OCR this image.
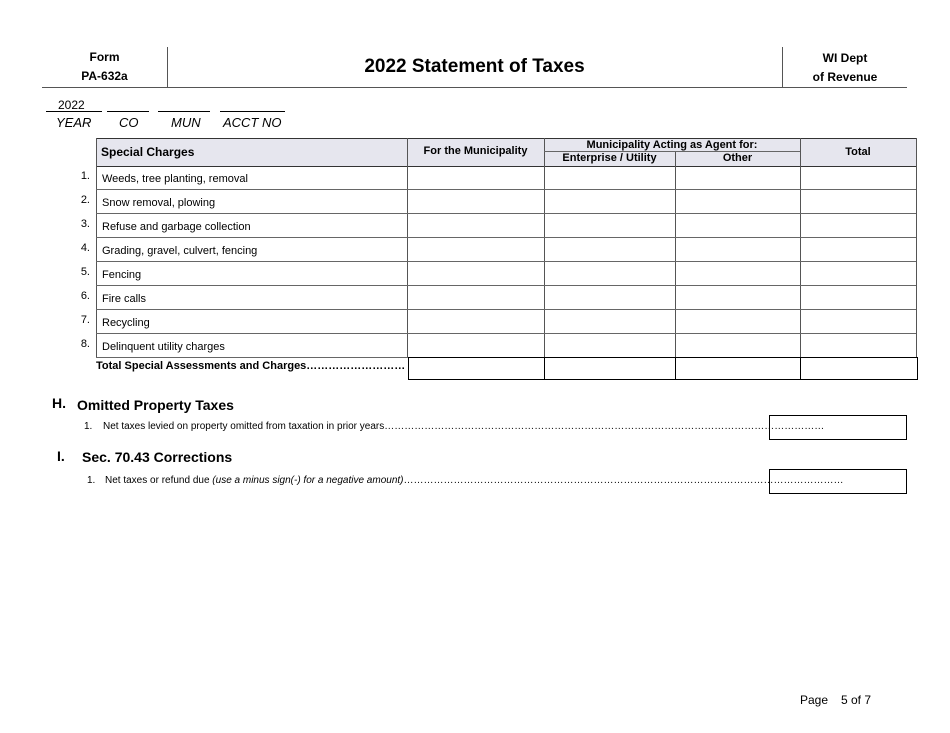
Form
PA-632a	2022 Statement of Taxes	WI Dept
of Revenue
2022
YEAR CO	MUN ACCT NO
Special Charges	For the Municipality	Municipality Acting as Agent for:
Enterprise / Utility	Other	Total
1. Weeds, tree planting, removal
2. Snow removal, plowing
3. Refuse and garbage collection
4. Grading, gravel, culvert, fencing
5. Fencing
6. Fire calls
7. Recycling
8. Delinquent utility charges
Total Special Assessments and Charges………………………
H. Omitted Property Taxes
1. Net taxes levied on property omitted from taxation in prior years……………………………………………………………………………………………………………………
I. Sec. 70.43 Corrections
1. Net taxes or refund due (use a minus sign(-) for a negative amount)……………………………………………………………………………………………………………………
Page 5 of 7
